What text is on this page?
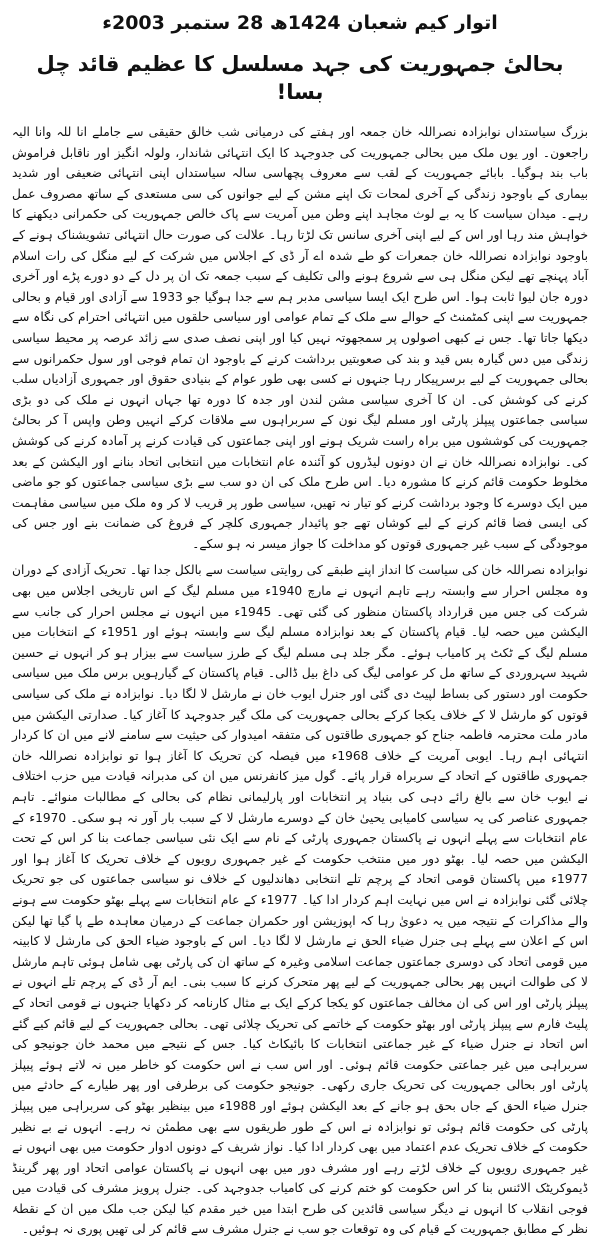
اتوار کیم شعبان 1424ھ 28 ستمبر 2003ء
بحالیٔ جمہوریت کی جہد مسلسل کا عظیم قائد چل بسا!

بزرگ سیاستداں نوابزادہ نصراللہ خان جمعہ اور ہفتے کی درمیانی شب خالق حقیقی سے جاملے انا للہ وانا الیہ راجعون۔ اور یوں ملک میں بحالی جمہوریت کی جدوجہد کا ایک انتہائی شاندار، ولولہ انگیز اور ناقابل فراموش باب بند ہوگیا۔ بابائے جمہوریت کے لقب سے معروف پچھاسی سالہ سیاستداں اپنی انتہائی ضعیفی اور شدید بیماری کے باوجود زندگی کے آخری لمحات تک اپنے مشن کے لیے جوانوں کی سی مستعدی کے ساتھ مصروف عمل رہے۔ میدان سیاست کا یہ بے لوث مجاہد اپنے وطن میں آمریت سے پاک خالص جمہوریت کی حکمرانی دیکھنے کا خواہش مند رہا اور اس کے لیے اپنی آخری سانس تک لڑتا رہا۔ علالت کی صورت حال انتہائی تشویشناک ہونے کے باوجود نوابزادہ نصراللہ خان جمعرات کو طے شدہ اے آر ڈی کے اجلاس میں شرکت کے لیے منگل کی رات اسلام آباد پہنچے تھے لیکن منگل ہی سے شروع ہونے والی تکلیف کے سبب جمعہ تک ان پر دل کے دو دورے پڑے اور آخری دورہ جان لیوا ثابت ہوا۔ اس طرح ایک ایسا سیاسی مدبر ہم سے جدا ہوگیا جو 1933 سے آزادی اور قیام و بحالی جمہوریت سے اپنی کمٹمنٹ کے حوالے سے ملک کے تمام عوامی اور سیاسی حلقوں میں انتہائی احترام کی نگاہ سے دیکھا جاتا تھا۔ جس نے کبھی اصولوں پر سمجھوتہ نہیں کیا اور اپنی نصف صدی سے زائد عرصہ پر محیط سیاسی زندگی میں دس گیارہ بس قید و بند کی صعوبتیں برداشت کرنے کے باوجود ان تمام فوجی اور سول حکمرانوں سے بحالی جمہوریت کے لیے برسرپیکار رہا جنہوں نے کسی بھی طور عوام کے بنیادی حقوق اور جمہوری آزادیاں سلب کرنے کی کوشش کی۔ ان کا آخری سیاسی مشن لندن اور جدہ کا دورہ تھا جہاں انہوں نے ملک کی دو بڑی سیاسی جماعتوں پیپلز پارٹی اور مسلم لیگ نون کے سربراہوں سے ملاقات کرکے انہیں وطن واپس آ کر بحالیٔ جمہوریت کی کوششوں میں براہ راست شریک ہونے اور اپنی جماعتوں کی قیادت کرنے پر آمادہ کرنے کی کوشش کی۔ نوابزادہ نصراللہ خان نے ان دونوں لیڈروں کو آئندہ عام انتخابات میں انتخابی اتحاد بنانے اور الیکشن کے بعد مخلوط حکومت قائم کرنے کا مشورہ دیا۔ اس طرح ملک کی ان دو سب سے بڑی سیاسی جماعتوں کو جو ماضی میں ایک دوسرے کا وجود برداشت کرنے کو تیار نہ تھیں، سیاسی طور پر قریب لا کر وہ ملک میں سیاسی مفاہمت کی ایسی فضا قائم کرنے کے لیے کوشاں تھے جو پائیدار جمہوری کلچر کے فروغ کی ضمانت بنے اور جس کی موجودگی کے سبب غیر جمہوری قوتوں کو مداخلت کا جواز میسر نہ ہو سکے۔

نوابزادہ نصراللہ خان کی سیاست کا انداز اپنے طبقے کی روایتی سیاست سے بالکل جدا تھا۔ تحریک آزادی کے دوران وہ مجلس احرار سے وابستہ رہے تاہم انہوں نے مارچ 1940ء میں مسلم لیگ کے اس تاریخی اجلاس میں بھی شرکت کی جس میں قرارداد پاکستان منظور کی گئی تھی۔ 1945ء میں انہوں نے مجلس احرار کی جانب سے الیکشن میں حصہ لیا۔ قیام پاکستان کے بعد نوابزادہ مسلم لیگ سے وابستہ ہوئے اور 1951ء کے انتخابات میں مسلم لیگ کے ٹکٹ پر کامیاب ہوئے۔ مگر جلد ہی مسلم لیگ کے طرز سیاست سے بیزار ہو کر انہوں نے حسین شہید سہروردی کے ساتھ مل کر عوامی لیگ کی داغ بیل ڈالی۔ قیام پاکستان کے گیارہویں برس ملک میں سیاسی حکومت اور دستور کی بساط لپیٹ دی گئی اور جنرل ایوب خان نے مارشل لا لگا دیا۔ نوابزادہ نے ملک کی سیاسی قوتوں کو مارشل لا کے خلاف یکجا کرکے بحالی جمہوریت کی ملک گیر جدوجہد کا آغاز کیا۔ صدارتی الیکشن میں مادر ملت محترمہ فاطمہ جناح کو جمہوری طاقتوں کی متفقہ امیدوار کی حیثیت سے سامنے لانے میں ان کا کردار انتہائی اہم رہا۔ ایوبی آمریت کے خلاف 1968ء میں فیصلہ کن تحریک کا آغاز ہوا تو نوابزادہ نصراللہ خان جمہوری طاقتوں کے اتحاد کے سربراہ قرار پائے۔ گول میز کانفرنس میں ان کی مدبرانہ قیادت میں حزب اختلاف نے ایوب خان سے بالغ رائے دہی کی بنیاد پر انتخابات اور پارلیمانی نظام کی بحالی کے مطالبات منوائے۔ تاہم جمہوری عناصر کی یہ سیاسی کامیابی یحییٰ خان کے دوسرے مارشل لا کے سبب بار آور نہ ہو سکی۔ 1970ء کے عام انتخابات سے پہلے انہوں نے پاکستان جمہوری پارٹی کے نام سے ایک نئی سیاسی جماعت بنا کر اس کے تحت الیکشن میں حصہ لیا۔ بھٹو دور میں منتخب حکومت کے غیر جمہوری رویوں کے خلاف تحریک کا آغاز ہوا اور 1977ء میں پاکستان قومی اتحاد کے پرچم تلے انتخابی دھاندلیوں کے خلاف نو سیاسی جماعتوں کی جو تحریک چلائی گئی نوابزادہ نے اس میں نہایت اہم کردار ادا کیا۔ 1977ء کے عام انتخابات سے پہلے بھٹو حکومت سے ہونے والے مذاکرات کے نتیجہ میں یہ دعویٰ رہا کہ اپوزیشن اور حکمران جماعت کے درمیان معاہدہ طے پا گیا تھا لیکن اس کے اعلان سے پہلے ہی جنرل ضیاء الحق نے مارشل لا لگا دیا۔ اس کے باوجود ضیاء الحق کی مارشل لا کابینہ میں قومی اتحاد کی دوسری جماعتوں جماعت اسلامی وغیرہ کے ساتھ ان کی پارٹی بھی شامل ہوئی تاہم مارشل لا کی طوالت انہیں پھر بحالی جمہوریت کے لیے پھر متحرک کرنے کا سبب بنی۔ ایم آر ڈی کے پرچم تلے انہوں نے پیپلز پارٹی اور اس کی ان مخالف جماعتوں کو یکجا کرکے ایک بے مثال کارنامہ کر دکھایا جنہوں نے قومی اتحاد کے پلیٹ فارم سے پیپلز پارٹی اور بھٹو حکومت کے خاتمے کی تحریک چلائی تھی۔ بحالی جمہوریت کے لیے قائم کیے گئے اس اتحاد نے جنرل ضیاء کے غیر جماعتی انتخابات کا بائیکاٹ کیا۔ جس کے نتیجے میں محمد خان جونیجو کی سربراہی میں غیر جماعتی حکومت قائم ہوئی۔ اور اس سب نے اس حکومت کو خاطر میں نہ لاتے ہوئے پیپلز پارٹی اور بحالی جمہوریت کی تحریک جاری رکھی۔ جونیجو حکومت کی برطرفی اور پھر طیارے کے حادثے میں جنرل ضیاء الحق کے جاں بحق ہو جانے کے بعد الیکشن ہوئے اور 1988ء میں بینظیر بھٹو کی سربراہی میں پیپلز پارٹی کی حکومت قائم ہوئی تو نوابزادہ نے اس کے طور طریقوں سے بھی مطمئن نہ رہے۔ انہوں نے بے نظیر حکومت کے خلاف تحریک عدم اعتماد میں بھی کردار ادا کیا۔ نواز شریف کے دونوں ادوار حکومت میں بھی انہوں نے غیر جمہوری رویوں کے خلاف لڑتے رہے اور مشرف دور میں بھی انہوں نے پاکستان عوامی اتحاد اور پھر گرینڈ ڈیموکریٹک الائنس بنا کر اس حکومت کو ختم کرنے کی کامیاب جدوجہد کی۔ جنرل پرویز مشرف کی قیادت میں فوجی انقلاب کا انہوں نے دیگر سیاسی قائدین کی طرح ابتدا میں خیر مقدم کیا لیکن جب ملک میں ان کے نقطۂ نظر کے مطابق جمہوریت کے قیام کی وہ توقعات جو سب نے جنرل مشرف سے قائم کر لی تھیں پوری نہ ہوئیں۔
